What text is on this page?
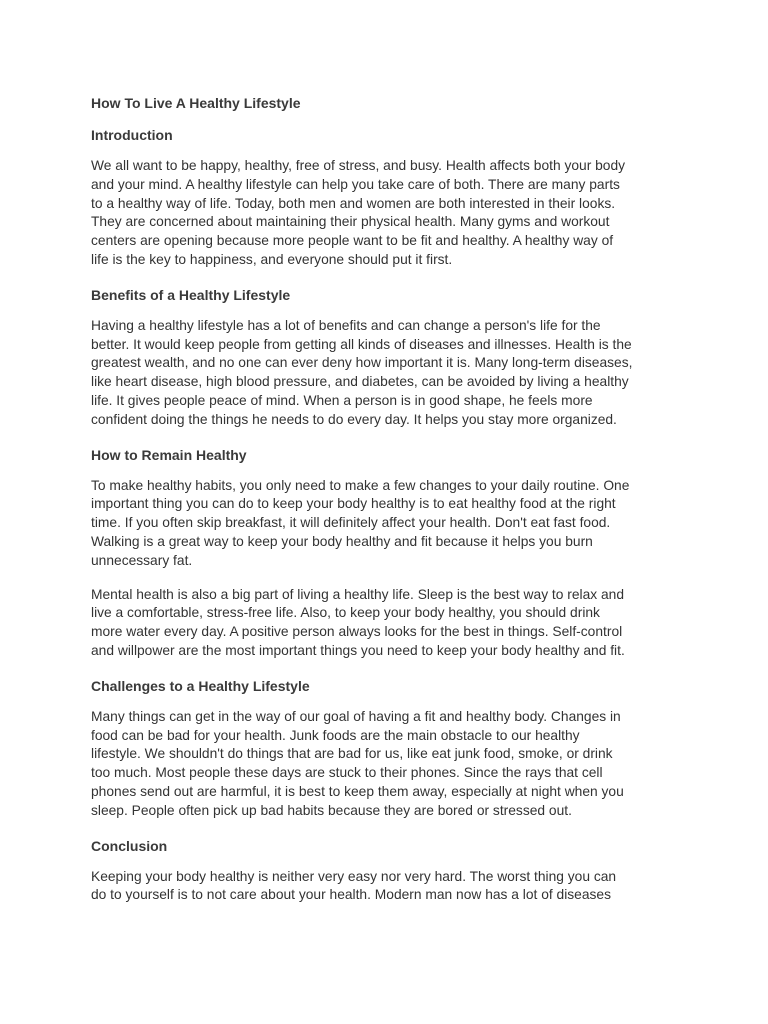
How To Live A Healthy Lifestyle
Introduction
We all want to be happy, healthy, free of stress, and busy. Health affects both your body
and your mind. A healthy lifestyle can help you take care of both. There are many parts
to a healthy way of life. Today, both men and women are both interested in their looks.
They are concerned about maintaining their physical health. Many gyms and workout
centers are opening because more people want to be fit and healthy. A healthy way of
life is the key to happiness, and everyone should put it first.
Benefits of a Healthy Lifestyle
Having a healthy lifestyle has a lot of benefits and can change a person's life for the
better. It would keep people from getting all kinds of diseases and illnesses. Health is the
greatest wealth, and no one can ever deny how important it is. Many long-term diseases,
like heart disease, high blood pressure, and diabetes, can be avoided by living a healthy
life. It gives people peace of mind. When a person is in good shape, he feels more
confident doing the things he needs to do every day. It helps you stay more organized.
How to Remain Healthy
To make healthy habits, you only need to make a few changes to your daily routine. One
important thing you can do to keep your body healthy is to eat healthy food at the right
time. If you often skip breakfast, it will definitely affect your health. Don't eat fast food.
Walking is a great way to keep your body healthy and fit because it helps you burn
unnecessary fat.
Mental health is also a big part of living a healthy life. Sleep is the best way to relax and
live a comfortable, stress-free life. Also, to keep your body healthy, you should drink
more water every day. A positive person always looks for the best in things. Self-control
and willpower are the most important things you need to keep your body healthy and fit.
Challenges to a Healthy Lifestyle
Many things can get in the way of our goal of having a fit and healthy body. Changes in
food can be bad for your health. Junk foods are the main obstacle to our healthy
lifestyle. We shouldn't do things that are bad for us, like eat junk food, smoke, or drink
too much. Most people these days are stuck to their phones. Since the rays that cell
phones send out are harmful, it is best to keep them away, especially at night when you
sleep. People often pick up bad habits because they are bored or stressed out.
Conclusion
Keeping your body healthy is neither very easy nor very hard. The worst thing you can
do to yourself is to not care about your health. Modern man now has a lot of diseases
